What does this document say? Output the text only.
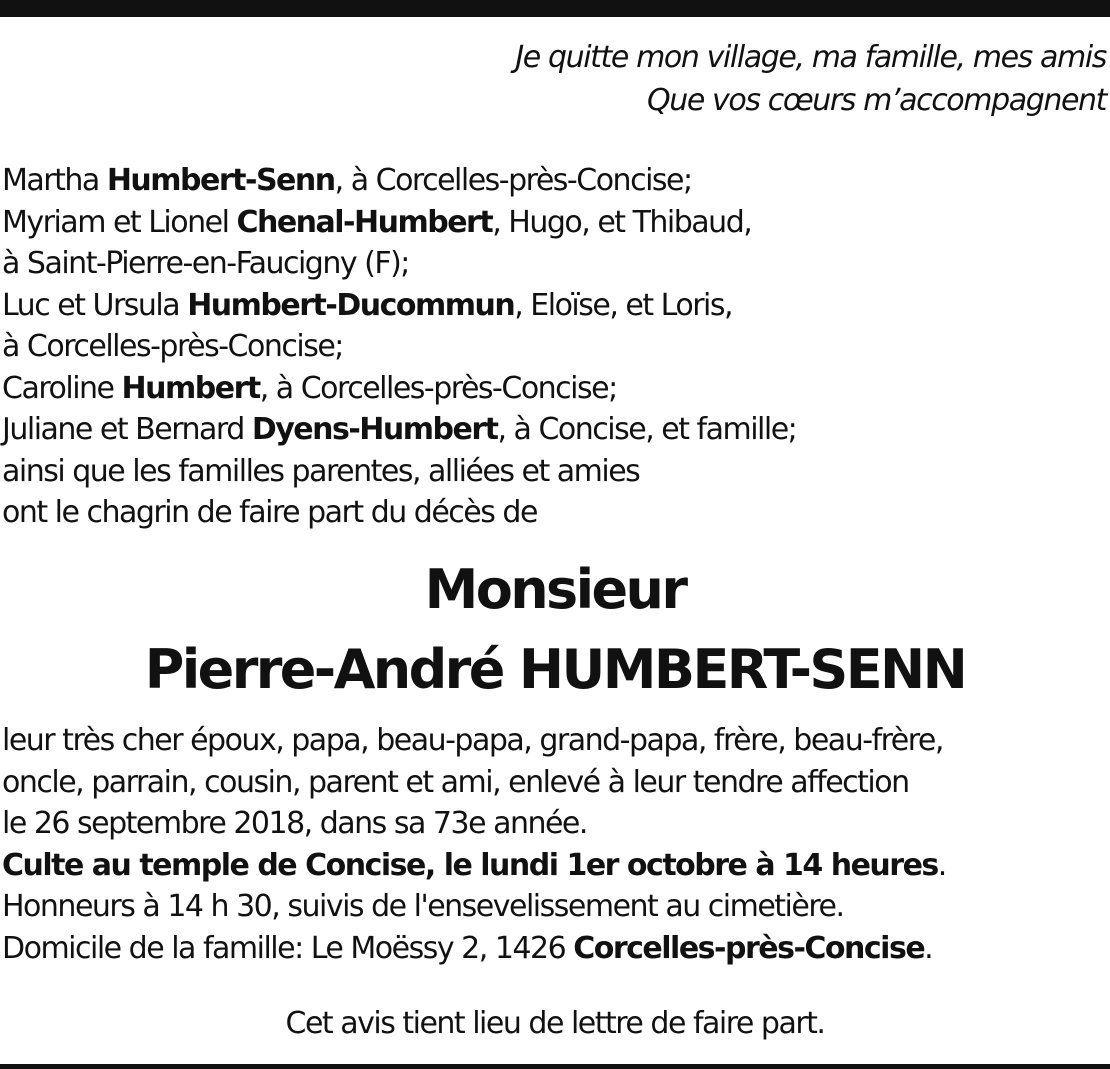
Je quitte mon village, ma famille, mes amis
Que vos cœurs m’accompagnent
Martha Humbert-Senn, à Corcelles-près-Concise;
Myriam et Lionel Chenal-Humbert, Hugo, et Thibaud,
à Saint-Pierre-en-Faucigny (F);
Luc et Ursula Humbert-Ducommun, Eloïse, et Loris,
à Corcelles-près-Concise;
Caroline Humbert, à Corcelles-près-Concise;
Juliane et Bernard Dyens-Humbert, à Concise, et famille;
ainsi que les familles parentes, alliées et amies
ont le chagrin de faire part du décès de
Monsieur
Pierre-André HUMBERT-SENN
leur très cher époux, papa, beau-papa, grand-papa, frère, beau-frère,
oncle, parrain, cousin, parent et ami, enlevé à leur tendre affection
le 26 septembre 2018, dans sa 73e année.
Culte au temple de Concise, le lundi 1er octobre à 14 heures.
Honneurs à 14 h 30, suivis de l'ensevelissement au cimetière.
Domicile de la famille: Le Moëssy 2, 1426 Corcelles-près-Concise.
Cet avis tient lieu de lettre de faire part.
